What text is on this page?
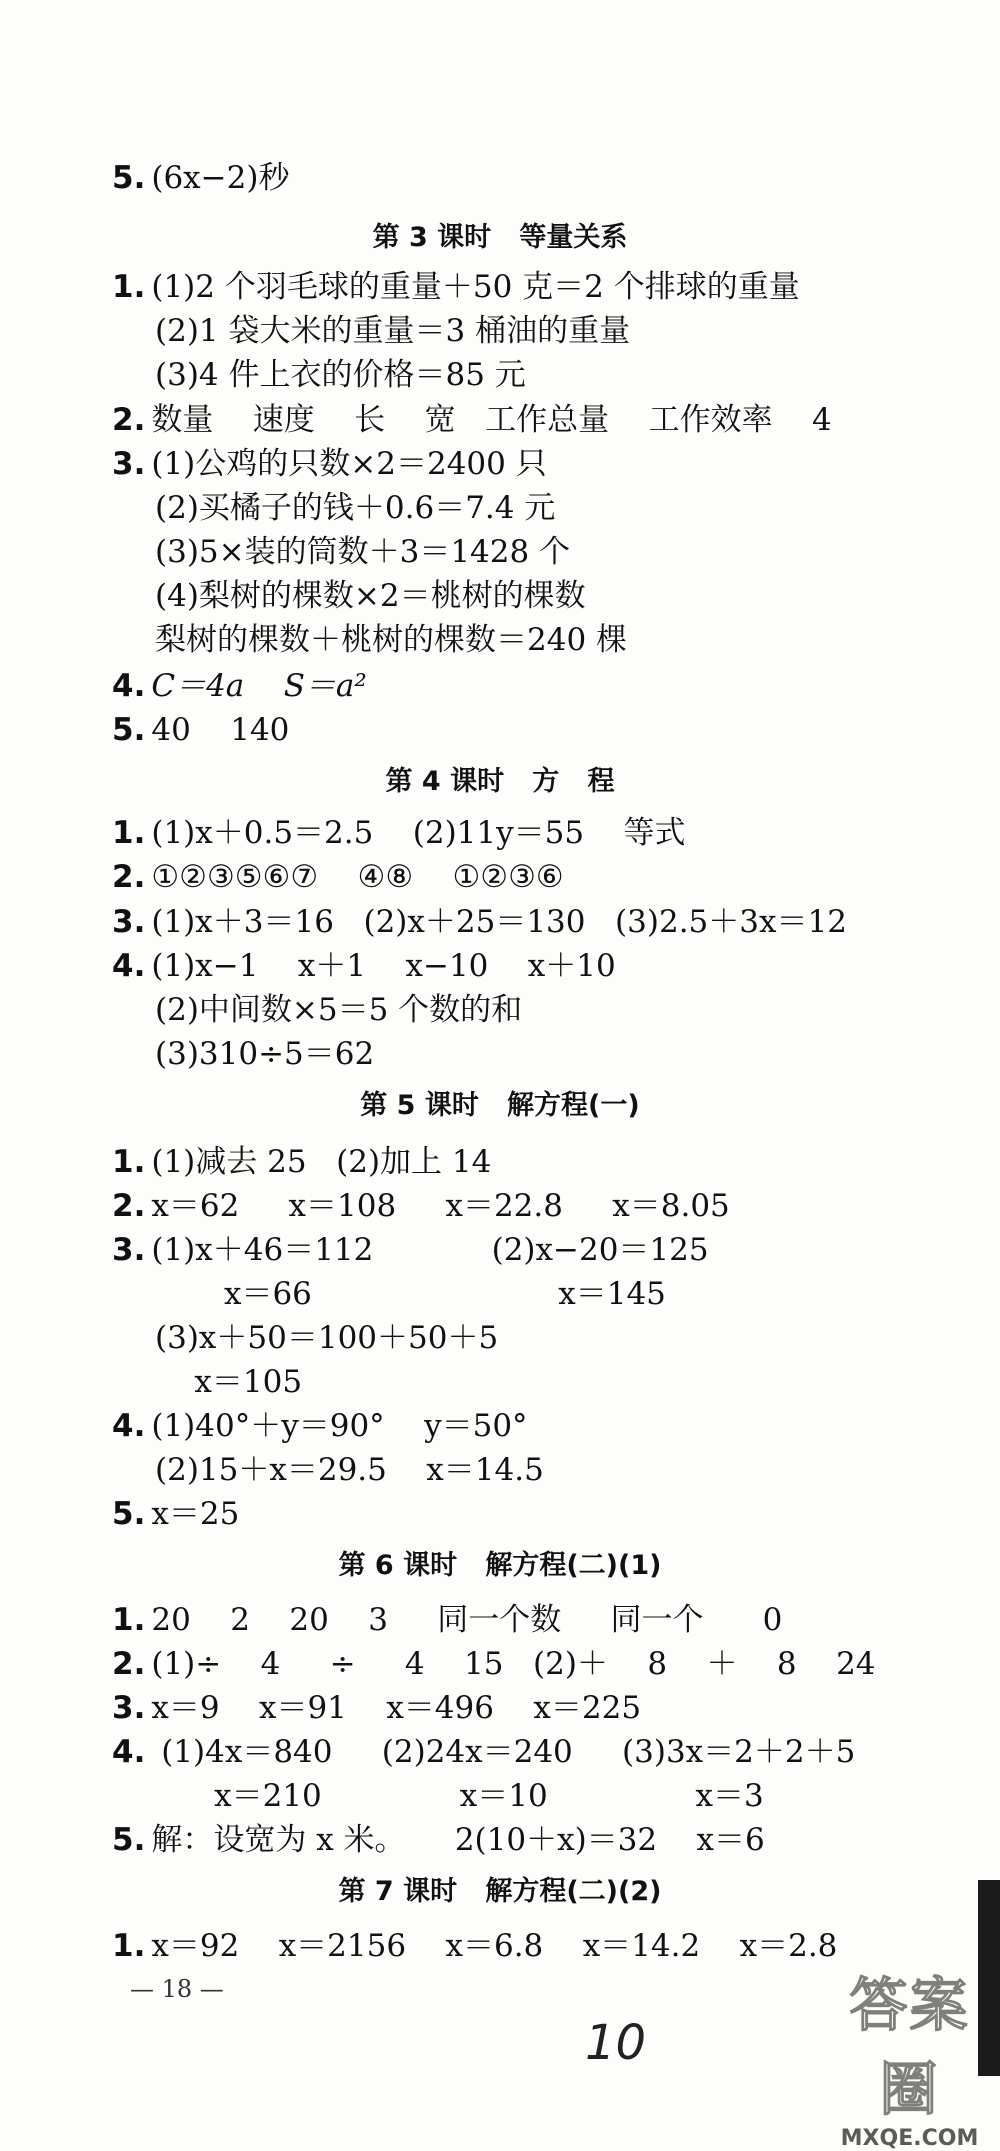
5. (6x−2)秒
第 3 课时   等量关系
1. (1)2 个羽毛球的重量＋50 克＝2 个排球的重量
(2)1 袋大米的重量＝3 桶油的重量
(3)4 件上衣的价格＝85 元
2. 数量    速度    长    宽   工作总量    工作效率    4
3. (1)公鸡的只数×2＝2400 只
(2)买橘子的钱＋0.6＝7.4 元
(3)5×装的筒数＋3＝1428 个
(4)梨树的棵数×2＝桃树的棵数
梨树的棵数＋桃树的棵数＝240 棵
4. C＝4a    S＝a²
5. 40    140
第 4 课时   方   程
1. (1)x＋0.5＝2.5    (2)11y＝55    等式
2. ①②③⑤⑥⑦    ④⑧    ①②③⑥
3. (1)x＋3＝16   (2)x＋25＝130   (3)2.5＋3x＝12
4. (1)x−1    x＋1    x−10    x＋10
(2)中间数×5＝5 个数的和
(3)310÷5＝62
第 5 课时   解方程(一)
1. (1)减去 25   (2)加上 14
2. x＝62     x＝108     x＝22.8     x＝8.05
3. (1)x＋46＝112            (2)x−20＝125
x＝66                         x＝145
(3)x＋50＝100＋50＋5
x＝105
4. (1)40°＋y＝90°    y＝50°
(2)15＋x＝29.5    x＝14.5
5. x＝25
第 6 课时   解方程(二)(1)
1. 20    2    20    3     同一个数     同一个      0
2. (1)÷    4     ÷     4    15   (2)＋    8    ＋    8    24
3. x＝9    x＝91    x＝496    x＝225
4. (1)4x＝840     (2)24x＝240     (3)3x＝2＋2＋5
x＝210              x＝10               x＝3
5. 解：设宽为 x 米。     2(10＋x)＝32    x＝6
第 7 课时   解方程(二)(2)
1. x＝92    x＝2156    x＝6.8    x＝14.2    x＝2.8
— 18 —
10
答案圈
MXQE.COM
